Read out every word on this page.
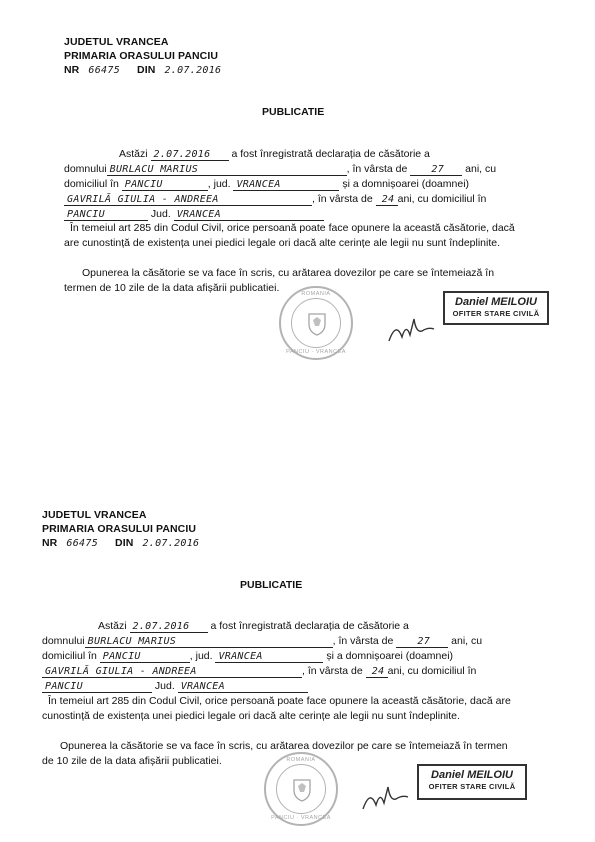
JUDETUL VRANCEA
PRIMARIA ORASULUI PANCIU
NR 66475 DIN 2.07.2016
PUBLICATIE
Astăzi 2.07.2016 a fost înregistrată declarația de căsătorie a
domnului BURLACU MARIUS	, în vârsta de 27 ani, cu
domiciliul în PANCIU	, jud. VRANCEA	și a domnișoarei (doamnei)
GAVRILĂ GIULIA - ANDREEA	, în vârsta de 24 ani, cu domiciliul în
PANCIU	Jud. VRANCEA
În temeiul art 285 din Codul Civil, orice persoană poate face opunere la această căsătorie, dacă are cunostință de existența unei piedici legale ori dacă alte cerințe ale legii nu sunt îndeplinite.
Opunerea la căsătorie se va face în scris, cu arătarea dovezilor pe care se întemeiază în termen de 10 zile de la data afișării publicatiei.	ROMANIA
PANCIU · VRANCEA
Daniel MEILOIU
OFITER STARE CIVILĂ
JUDETUL VRANCEA
PRIMARIA ORASULUI PANCIU
NR 66475 DIN 2.07.2016
PUBLICATIE
Astăzi 2.07.2016 a fost înregistrată declarația de căsătorie a
domnului BURLACU MARIUS	, în vârsta de 27 ani, cu
domiciliul în PANCIU	, jud. VRANCEA	și a domnișoarei (doamnei)
GAVRILĂ GIULIA - ANDREEA	, în vârsta de 24 ani, cu domiciliul în
PANCIU	Jud. VRANCEA
În temeiul art 285 din Codul Civil, orice persoană poate face opunere la această căsătorie, dacă are cunostință de existența unei piedici legale ori dacă alte cerințe ale legii nu sunt îndeplinite.
Opunerea la căsătorie se va face în scris, cu arătarea dovezilor pe care se întemeiază în termen de 10 zile de la data afișării publicatiei.	ROMANIA
PANCIU · VRANCEA
Daniel MEILOIU
OFITER STARE CIVILĂ
